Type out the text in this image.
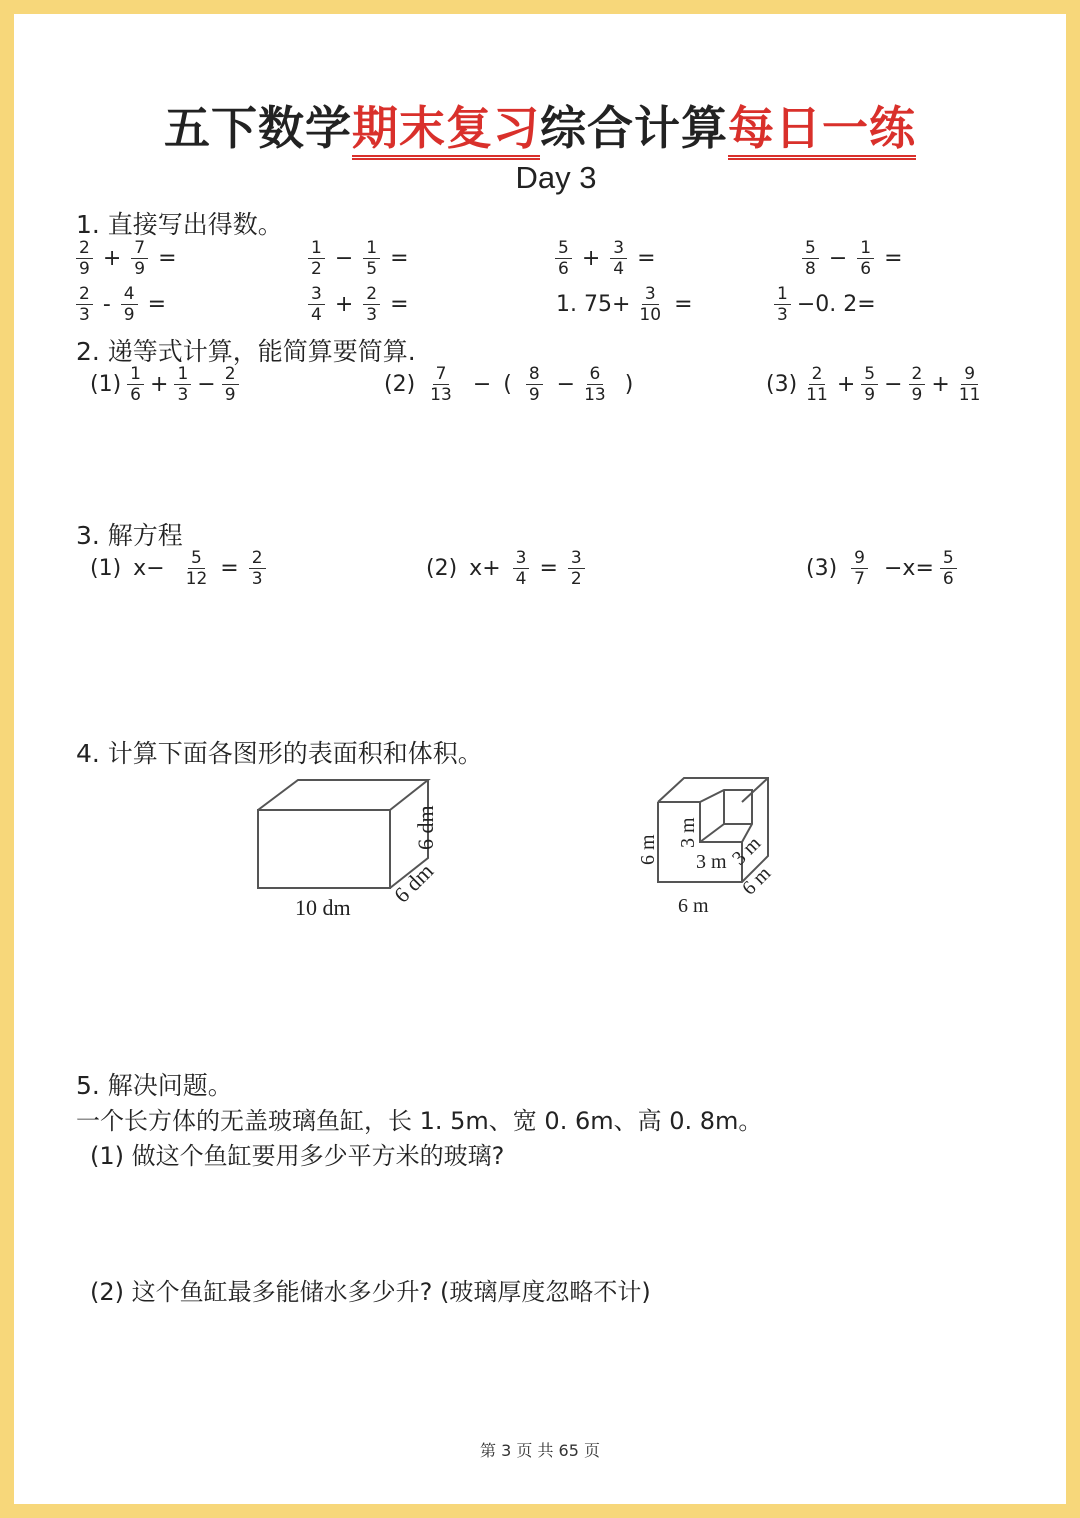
五下数学期末复习综合计算每日一练
Day 3
1. 直接写出得数。
$\frac{2}{9} + \frac{7}{9}$ =	$\frac{1}{2} - \frac{1}{5}$ =	$\frac{5}{6} + \frac{3}{4}$ =	$\frac{5}{8} - \frac{1}{6}$ =
$\frac{2}{3} - \frac{4}{9}$ =	$\frac{3}{4} + \frac{2}{3}$ =	1. $75+ \frac{3}{10}$ =	$\frac{1}{3} -0$. 2=
2. 递等式计算，能简算要简算.
$(1) \frac{1}{6} + \frac{1}{3} - \frac{2}{9}$	$(2) \frac{7}{13}$ − ( $\frac{8}{9} - \frac{6}{13}$ )	$(3) \frac{2}{11} + \frac{5}{9} - \frac{2}{9} + \frac{9}{11}$
3. 解方程
(1) $x- \frac{5}{12} = \frac{2}{3}$	(2) $x+ \frac{3}{4} = \frac{3}{2}$	$(3) \frac{9}{7} -x= \frac{5}{6}$
4. 计算下面各图形的表面积和体积。
10 dm
6 dm
6 dm
6 m
3 m
3 m 3 m
6 m
6 m
5. 解决问题。
一个长方体的无盖玻璃鱼缸，长 1. 5m、宽 0. 6m、高 0. 8m。
(1) 做这个鱼缸要用多少平方米的玻璃?
(2) 这个鱼缸最多能储水多少升? (玻璃厚度忽略不计)
第 3 页 共 65 页
